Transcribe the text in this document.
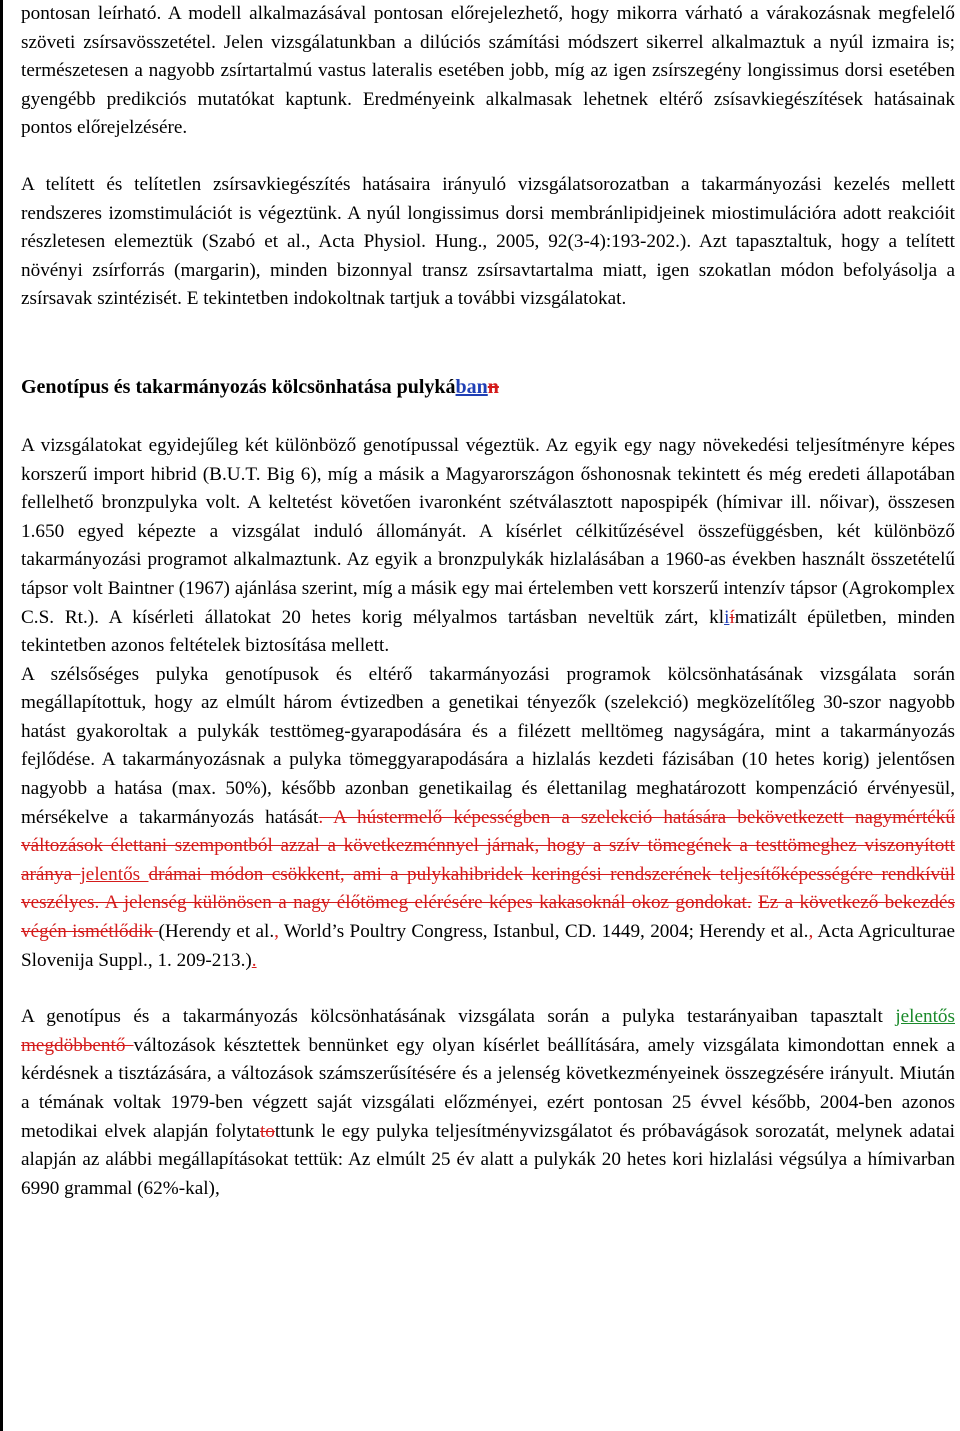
pontosan leírható. A modell alkalmazásával pontosan előrejelezhető, hogy mikorra várható a várakozásnak megfelelő szöveti zsírsavösszetétel. Jelen vizsgálatunkban a dilúciós számítási módszert sikerrel alkalmaztuk a nyúl izmaira is; természetesen a nagyobb zsírtartalmú vastus lateralis esetében jobb, míg az igen zsírszegény longissimus dorsi esetében gyengébb predikciós mutatókat kaptunk. Eredményeink alkalmasak lehetnek eltérő zsísavkiegészítések hatásainak pontos előrejelzésére.

A telített és telítetlen zsírsavkiegészítés hatásaira irányuló vizsgálatsorozatban a takarmányozási kezelés mellett rendszeres izomstimulációt is végeztünk. A nyúl longissimus dorsi membránlipidjeinek miostimulációra adott reakcióit részletesen elemeztük (Szabó et al., Acta Physiol. Hung., 2005, 92(3-4):193-202.). Azt tapasztaltuk, hogy a telített növényi zsírforrás (margarin), minden bizonnyal transz zsírsavtartalma miatt, igen szokatlan módon befolyásolja a zsírsavak szintézisét. E tekintetben indokoltnak tartjuk a további vizsgálatokat.

Genotípus és takarmányozás kölcsönhatása pulykábann

A vizsgálatokat egyidejűleg két különböző genotípussal végeztük. Az egyik egy nagy növekedési teljesítményre képes korszerű import hibrid (B.U.T. Big 6), míg a másik a Magyarországon őshonosnak tekintett és még eredeti állapotában fellelhető bronzpulyka volt. A keltetést követően ivaronként szétválasztott napospipék (hímivar ill. nőivar), összesen 1.650 egyed képezte a vizsgálat induló állományát. A kísérlet célkitűzésével összefüggésben, két különböző takarmányozási programot alkalmaztunk. Az egyik a bronzpulykák hizlalásában a 1960-as években használt összetételű tápsor volt Baintner (1967) ajánlása szerint, míg a másik egy mai értelemben vett korszerű intenzív tápsor (Agrokomplex C.S. Rt.). A kísérleti állatokat 20 hetes korig mélyalmos tartásban neveltük zárt, kliímatizált épületben, minden tekintetben azonos feltételek biztosítása mellett.

A szélsőséges pulyka genotípusok és eltérő takarmányozási programok kölcsönhatásának vizsgálata során megállapítottuk, hogy az elmúlt három évtizedben a genetikai tényezők (szelekció) megközelítőleg 30-szor nagyobb hatást gyakoroltak a pulykák testtömeg-gyarapodására és a filézett melltömeg nagyságára, mint a takarmányozás fejlődése. A takarmányozásnak a pulyka tömeggyarapodására a hizlalás kezdeti fázisában (10 hetes korig) jelentősen nagyobb a hatása (max. 50%), később azonban genetikailag és élettanilag meghatározott kompenzáció érvényesül, mérsékelve a takarmányozás hatását. A hústermelő képességben a szelekció hatására bekövetkezett nagymértékű változások élettani szempontból azzal a következménnyel járnak, hogy a szív tömegének a testtömeghez viszonyított aránya jelentős drámai módon csökkent, ami a pulykahibridek keringési rendszerének teljesítőképességére rendkívül veszélyes. A jelenség különösen a nagy élőtömeg elérésére képes kakasoknál okoz gondokat. Ez a következő bekezdés végén ismétlődik (Herendy et al., World’s Poultry Congress, Istanbul, CD. 1449, 2004; Herendy et al., Acta Agriculturae Slovenija Suppl., 1. 209-213.).

A genotípus és a takarmányozás kölcsönhatásának vizsgálata során a pulyka testarányaiban tapasztalt jelentős megdöbbentő változások késztettek bennünket egy olyan kísérlet beállítására, amely vizsgálata kimondottan ennek a kérdésnek a tisztázására, a változások számszerűsítésére és a jelenség következményeinek összegzésére irányult. Miután a témának voltak 1979-ben végzett saját vizsgálati előzményei, ezért pontosan 25 évvel később, 2004-ben azonos metodikai elvek alapján folytatottunk le egy pulyka teljesítményvizsgálatot és próbavágások sorozatát, melynek adatai alapján az alábbi megállapításokat tettük: Az elmúlt 25 év alatt a pulykák 20 hetes kori hizlalási végsúlya a hímivarban 6990 grammal (62%-kal),
